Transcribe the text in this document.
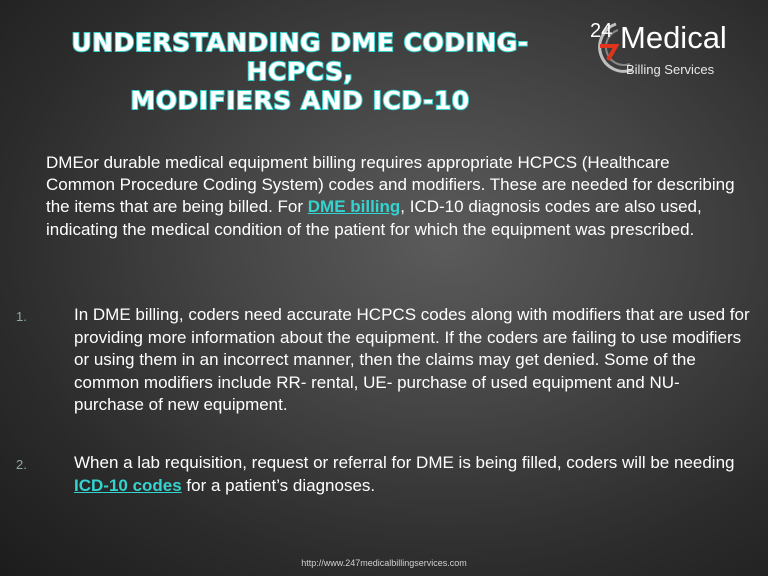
UNDERSTANDING DME CODING- HCPCS,
MODIFIERS AND ICD-10
24 Medical
Billing Services
DMEor durable medical equipment billing requires appropriate HCPCS (Healthcare Common Procedure Coding System) codes and modifiers. These are needed for describing the items that are being billed. For DME billing, ICD-10 diagnosis codes are also used, indicating the medical condition of the patient for which the equipment was prescribed.
1.	In DME billing, coders need accurate HCPCS codes along with modifiers that are used for providing more information about the equipment. If the coders are failing to use modifiers or using them in an incorrect manner, then the claims may get denied. Some of the common modifiers include RR- rental, UE- purchase of used equipment and NU- purchase of new equipment.
2.	When a lab requisition, request or referral for DME is being filled, coders will be needing ICD-10 codes for a patient’s diagnoses.
http://www.247medicalbillingservices.com
